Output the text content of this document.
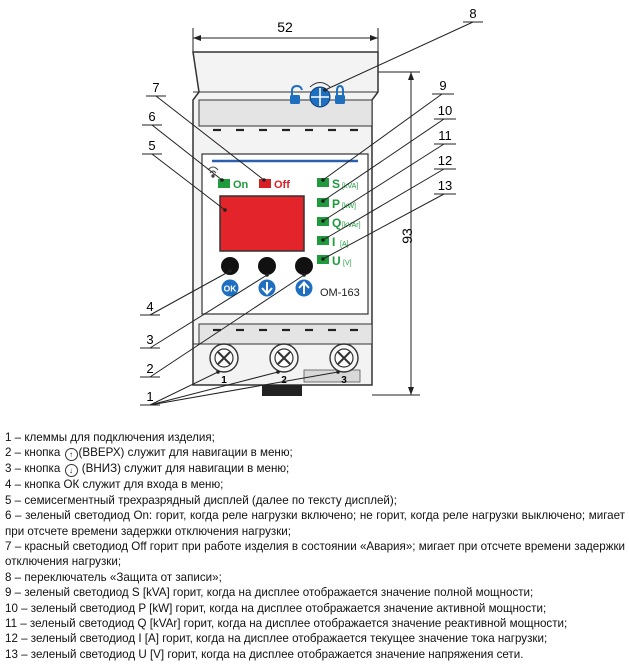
52
93
On Off	S [kVA]
P [kW]
Q [kVAr]
I [A]
U [V]
OK	ОМ-163
1	2	3
1
2
3
4
5
6
7
8
9
10
11
12
13

1 – клеммы для подключения изделия;

2 – кнопка ↑ (ВВЕРХ) служит для навигации в меню;

3 – кнопка ↓ (ВНИЗ) служит для навигации в меню;

4 – кнопка ОК служит для входа в меню;

5 – семисегментный трехразрядный дисплей (далее по тексту дисплей);

6 – зеленый светодиод On: горит, когда реле нагрузки включено; не горит, когда реле нагрузки выключено; мигает при отсчете времени задержки отключения нагрузки;

7 – красный светодиод Off горит при работе изделия в состоянии «Авария»; мигает при отсчете времени задержки отключения нагрузки;

8 – переключатель «Защита от записи»;

9 – зеленый светодиод S [kVA] горит, когда на дисплее отображается значение полной мощности;

10 – зеленый светодиод P [kW] горит, когда на дисплее отображается значение активной мощности;

11 – зеленый светодиод Q [kVAr] горит, когда на дисплее отображается значение реактивной мощности;

12 – зеленый светодиод I [A] горит, когда на дисплее отображается текущее значение тока нагрузки;

13 – зеленый светодиод U [V] горит, когда на дисплее отображается значение напряжения сети.
